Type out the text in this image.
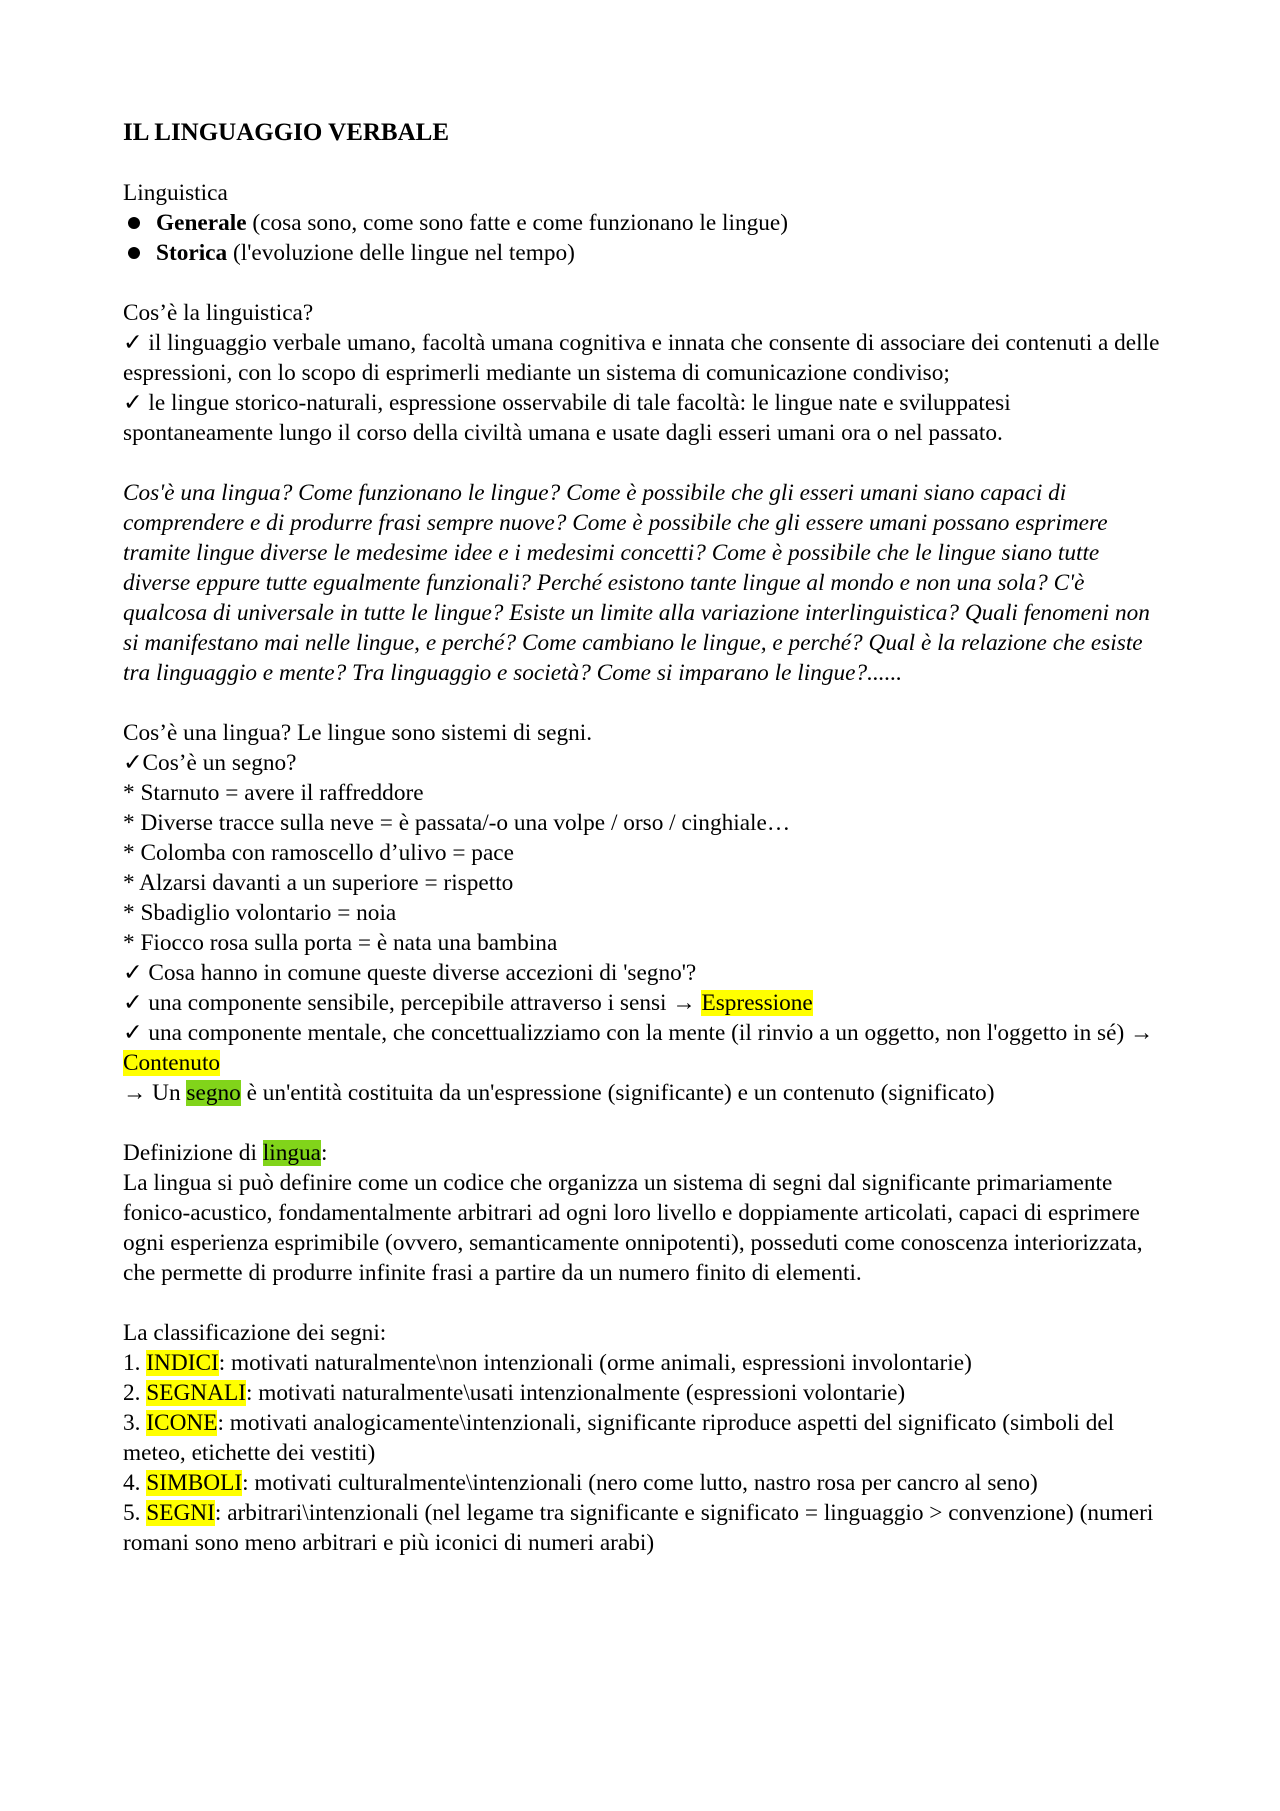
IL LINGUAGGIO VERBALE

Linguistica

Generale (cosa sono, come sono fatte e come funzionano le lingue)
Storica (l'evoluzione delle lingue nel tempo)

Cos’è la linguistica?

✓ il linguaggio verbale umano, facoltà umana cognitiva e innata che consente di associare dei contenuti a delle espressioni, con lo scopo di esprimerli mediante un sistema di comunicazione condiviso;

✓ le lingue storico-naturali, espressione osservabile di tale facoltà: le lingue nate e sviluppatesi spontaneamente lungo il corso della civiltà umana e usate dagli esseri umani ora o nel passato.

Cos'è una lingua? Come funzionano le lingue? Come è possibile che gli esseri umani siano capaci di comprendere e di produrre frasi sempre nuove? Come è possibile che gli essere umani possano esprimere tramite lingue diverse le medesime idee e i medesimi concetti? Come è possibile che le lingue siano tutte diverse eppure tutte egualmente funzionali? Perché esistono tante lingue al mondo e non una sola? C'è qualcosa di universale in tutte le lingue? Esiste un limite alla variazione interlinguistica? Quali fenomeni non si manifestano mai nelle lingue, e perché? Come cambiano le lingue, e perché? Qual è la relazione che esiste tra linguaggio e mente? Tra linguaggio e società? Come si imparano le lingue?......

Cos’è una lingua? Le lingue sono sistemi di segni.

✓Cos’è un segno?

* Starnuto = avere il raffreddore

* Diverse tracce sulla neve = è passata/-o una volpe / orso / cinghiale…

* Colomba con ramoscello d’ulivo = pace

* Alzarsi davanti a un superiore = rispetto

* Sbadiglio volontario = noia

* Fiocco rosa sulla porta = è nata una bambina

✓ Cosa hanno in comune queste diverse accezioni di 'segno'?

✓ una componente sensibile, percepibile attraverso i sensi → Espressione

✓ una componente mentale, che concettualizziamo con la mente (il rinvio a un oggetto, non l'oggetto in sé) → Contenuto

→ Un segno è un'entità costituita da un'espressione (significante) e un contenuto (significato)

Definizione di lingua:

La lingua si può definire come un codice che organizza un sistema di segni dal significante primariamente fonico-acustico, fondamentalmente arbitrari ad ogni loro livello e doppiamente articolati, capaci di esprimere ogni esperienza esprimibile (ovvero, semanticamente onnipotenti), posseduti come conoscenza interiorizzata, che permette di produrre infinite frasi a partire da un numero finito di elementi.

La classificazione dei segni:

1. INDICI: motivati naturalmente\non intenzionali (orme animali, espressioni involontarie)

2. SEGNALI: motivati naturalmente\usati intenzionalmente (espressioni volontarie)

3. ICONE: motivati analogicamente\intenzionali, significante riproduce aspetti del significato (simboli del meteo, etichette dei vestiti)

4. SIMBOLI: motivati culturalmente\intenzionali (nero come lutto, nastro rosa per cancro al seno)

5. SEGNI: arbitrari\intenzionali (nel legame tra significante e significato = linguaggio > convenzione) (numeri romani sono meno arbitrari e più iconici di numeri arabi)
